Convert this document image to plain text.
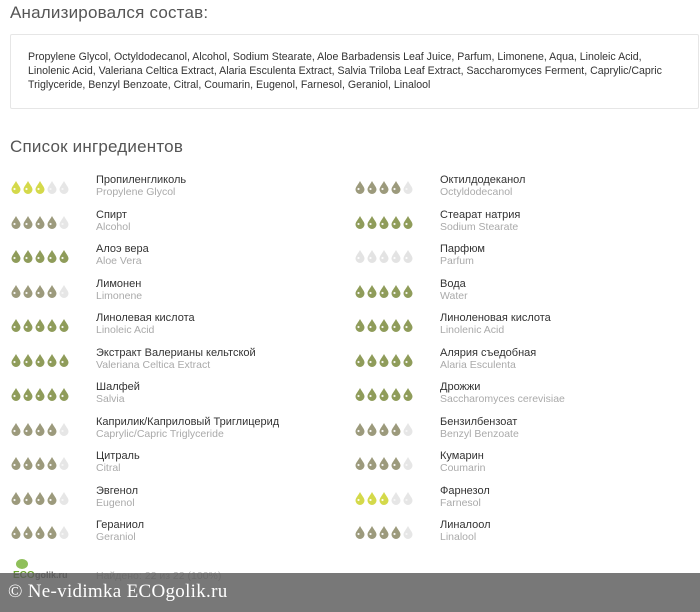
Анализировался состав:
Propylene Glycol, Octyldodecanol, Alcohol, Sodium Stearate, Aloe Barbadensis Leaf Juice, Parfum, Limonene, Aqua, Linoleic Acid, Linolenic Acid, Valeriana Celtica Extract, Alaria Esculenta Extract, Salvia Triloba Leaf Extract, Saccharomyces Ferment, Caprylic/Capric Triglyceride, Benzyl Benzoate, Citral, Coumarin, Eugenol, Farnesol, Geraniol, Linalool
Список ингредиентов
Пропиленгликоль
Propylene Glycol
Октилдодеканол
Octyldodecanol
Спирт
Alcohol
Стеарат натрия
Sodium Stearate
Алоэ вера
Aloe Vera
Парфюм
Parfum
Лимонен
Limonene
Вода
Water
Линолевая кислота
Linoleic Acid
Линоленовая кислота
Linolenic Acid
Экстракт Валерианы кельтской
Valeriana Celtica Extract
Алярия съедобная
Alaria Esculenta
Шалфей
Salvia
Дрожжи
Saccharomyces cerevisiae
Каприлик/Каприловый Триглицерид
Caprylic/Capric Triglyceride
Бензилбензоат
Benzyl Benzoate
Цитраль
Citral
Кумарин
Coumarin
Эвгенол
Eugenol
Фарнезол
Farnesol
Гераниол
Geraniol
Линалоол
Linalool
© Ne-vidimka ECOgolik.ru
